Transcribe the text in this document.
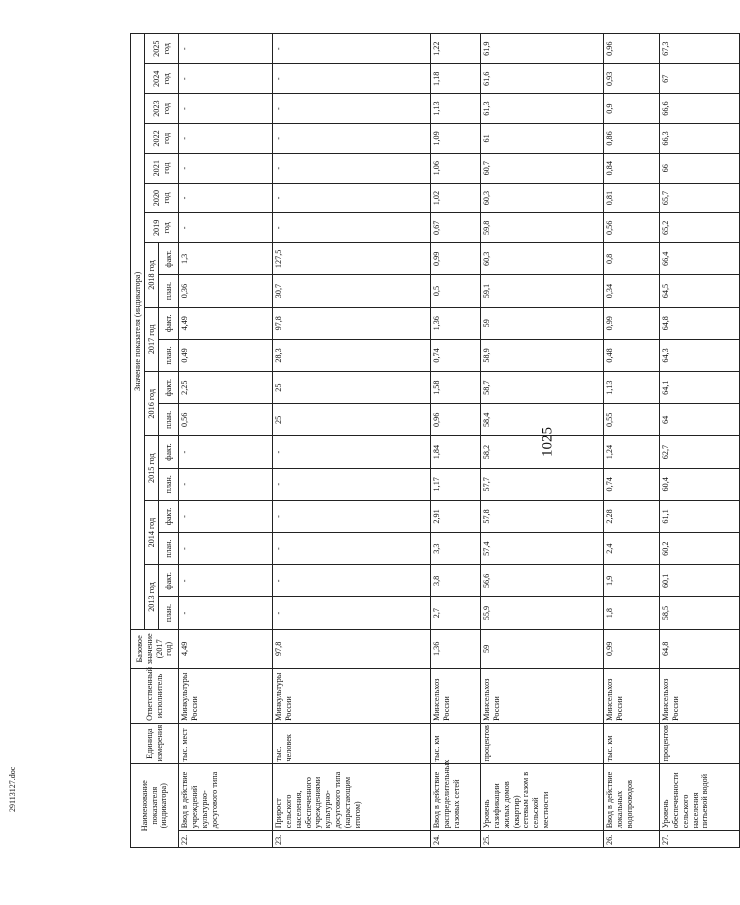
1025
29113127.doc	Наименование показателя (индикатора)		Единица измерения	Ответственный исполнитель	Базовое значение (2017 год)	Значение показателя (индикатора)																		
					2013 год		2014 год		2015 год		2016 год		2017 год		2018 год		2019 год	2020 год	2021 год	2022 год	2023 год	2024 год	2025 год
					план.	факт.	план.	факт.	план.	факт.	план.	факт.	план.	факт.	план.	факт.							
22.	Ввод в действие учреждений культурно-досугового типа	тыс. мест	Минкультуры России	4,49	-	-	-	-	-	-	0,56	2,25	0,49	4,49	0,36	1,3	-	-	-	-	-	-	-
23.	Прирост сельского населения, обеспеченного учреждениями культурно-досугового типа (нарастающим итогом)	тыс. человек	Минкультуры России	97,8	-	-	-	-	-	-	25	25	28,3	97,8	30,7	127,5	-	-	-	-	-	-	-
24.	Ввод в действие распределительных газовых сетей	тыс. км	Минсельхоз России	1,36	2,7	3,8	3,3	2,91	1,17	1,84	0,96	1,58	0,74	1,36	0,5	0,99	0,67	1,02	1,06	1,09	1,13	1,18	1,22
25.	Уровень газификации жилых домов (квартир) сетевым газом в сельской местности	процентов	Минсельхоз России	59	55,9	56,6	57,4	57,8	57,7	58,2	58,4	58,7	58,9	59	59,1	60,3	59,8	60,3	60,7	61	61,3	61,6	61,9
26.	Ввод в действие локальных водопроводов	тыс. км	Минсельхоз России	0,99	1,8	1,9	2,4	2,28	0,74	1,24	0,55	1,13	0,48	0,99	0,34	0,8	0,56	0,81	0,84	0,86	0,9	0,93	0,96
27.	Уровень обеспеченности сельского населения питьевой водой	процентов	Минсельхоз России	64,8	58,5	60,1	60,2	61,1	60,4	62,7	64	64,1	64,3	64,8	64,5	66,4	65,2	65,7	66	66,3	66,6	67	67,3
